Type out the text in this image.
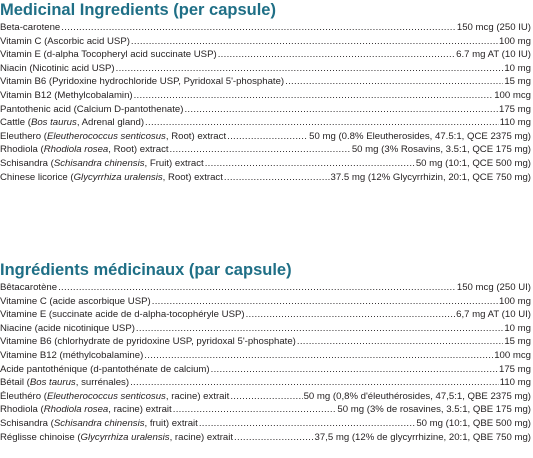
Medicinal Ingredients (per capsule)
Beta-carotene .....	150 mcg (250 IU)
Vitamin C (Ascorbic acid USP) .....	100 mg
Vitamin E (d-alpha Tocopheryl acid succinate USP) .....	6.7 mg AT (10 IU)
Niacin (Nicotinic acid USP) .....	10 mg
Vitamin B6 (Pyridoxine hydrochloride USP, Pyridoxal 5'-phosphate) .....	15 mg
Vitamin B12 (Methylcobalamin) .....	100 mcg
Pantothenic acid (Calcium D-pantothenate) .....	175 mg
Cattle (Bos taurus, Adrenal gland) .....	110 mg
Eleuthero (Eleutherococcus senticosus, Root) extract .....	50 mg (0.8% Eleutherosides, 47.5:1, QCE 2375 mg)
Rhodiola (Rhodiola rosea, Root) extract .....	50 mg (3% Rosavins, 3.5:1, QCE 175 mg)
Schisandra (Schisandra chinensis, Fruit) extract .....	50 mg (10:1, QCE 500 mg)
Chinese licorice (Glycyrrhiza uralensis, Root) extract .....	37.5 mg (12% Glycyrrhizin, 20:1, QCE 750 mg)
Ingrédients médicinaux (par capsule)
Bêtacarotène .....	150 mcg (250 UI)
Vitamine C (acide ascorbique USP) .....	100 mg
Vitamine E (succinate acide de d-alpha-tocophéryle USP) .....	6,7 mg AT (10 UI)
Niacine (acide nicotinique USP) .....	10 mg
Vitamine B6 (chlorhydrate de pyridoxine USP, pyridoxal 5'-phosphate) .....	15 mg
Vitamine B12 (méthylcobalamine) .....	100 mcg
Acide pantothénique (d-pantothénate de calcium) .....	175 mg
Bétail (Bos taurus, surrénales) .....	110 mg
Éleuthéro (Eleutherococcus senticosus, racine) extrait .....	50 mg (0,8% d'éleuthérosides, 47,5:1, QBE 2375 mg)
Rhodiola (Rhodiola rosea, racine) extrait .....	50 mg (3% de rosavines, 3.5:1, QBE 175 mg)
Schisandra (Schisandra chinensis, fruit) extrait .....	50 mg (10:1, QBE 500 mg)
Réglisse chinoise (Glycyrrhiza uralensis, racine) extrait .....	37,5 mg (12% de glycyrrhizine, 20:1, QBE 750 mg)
